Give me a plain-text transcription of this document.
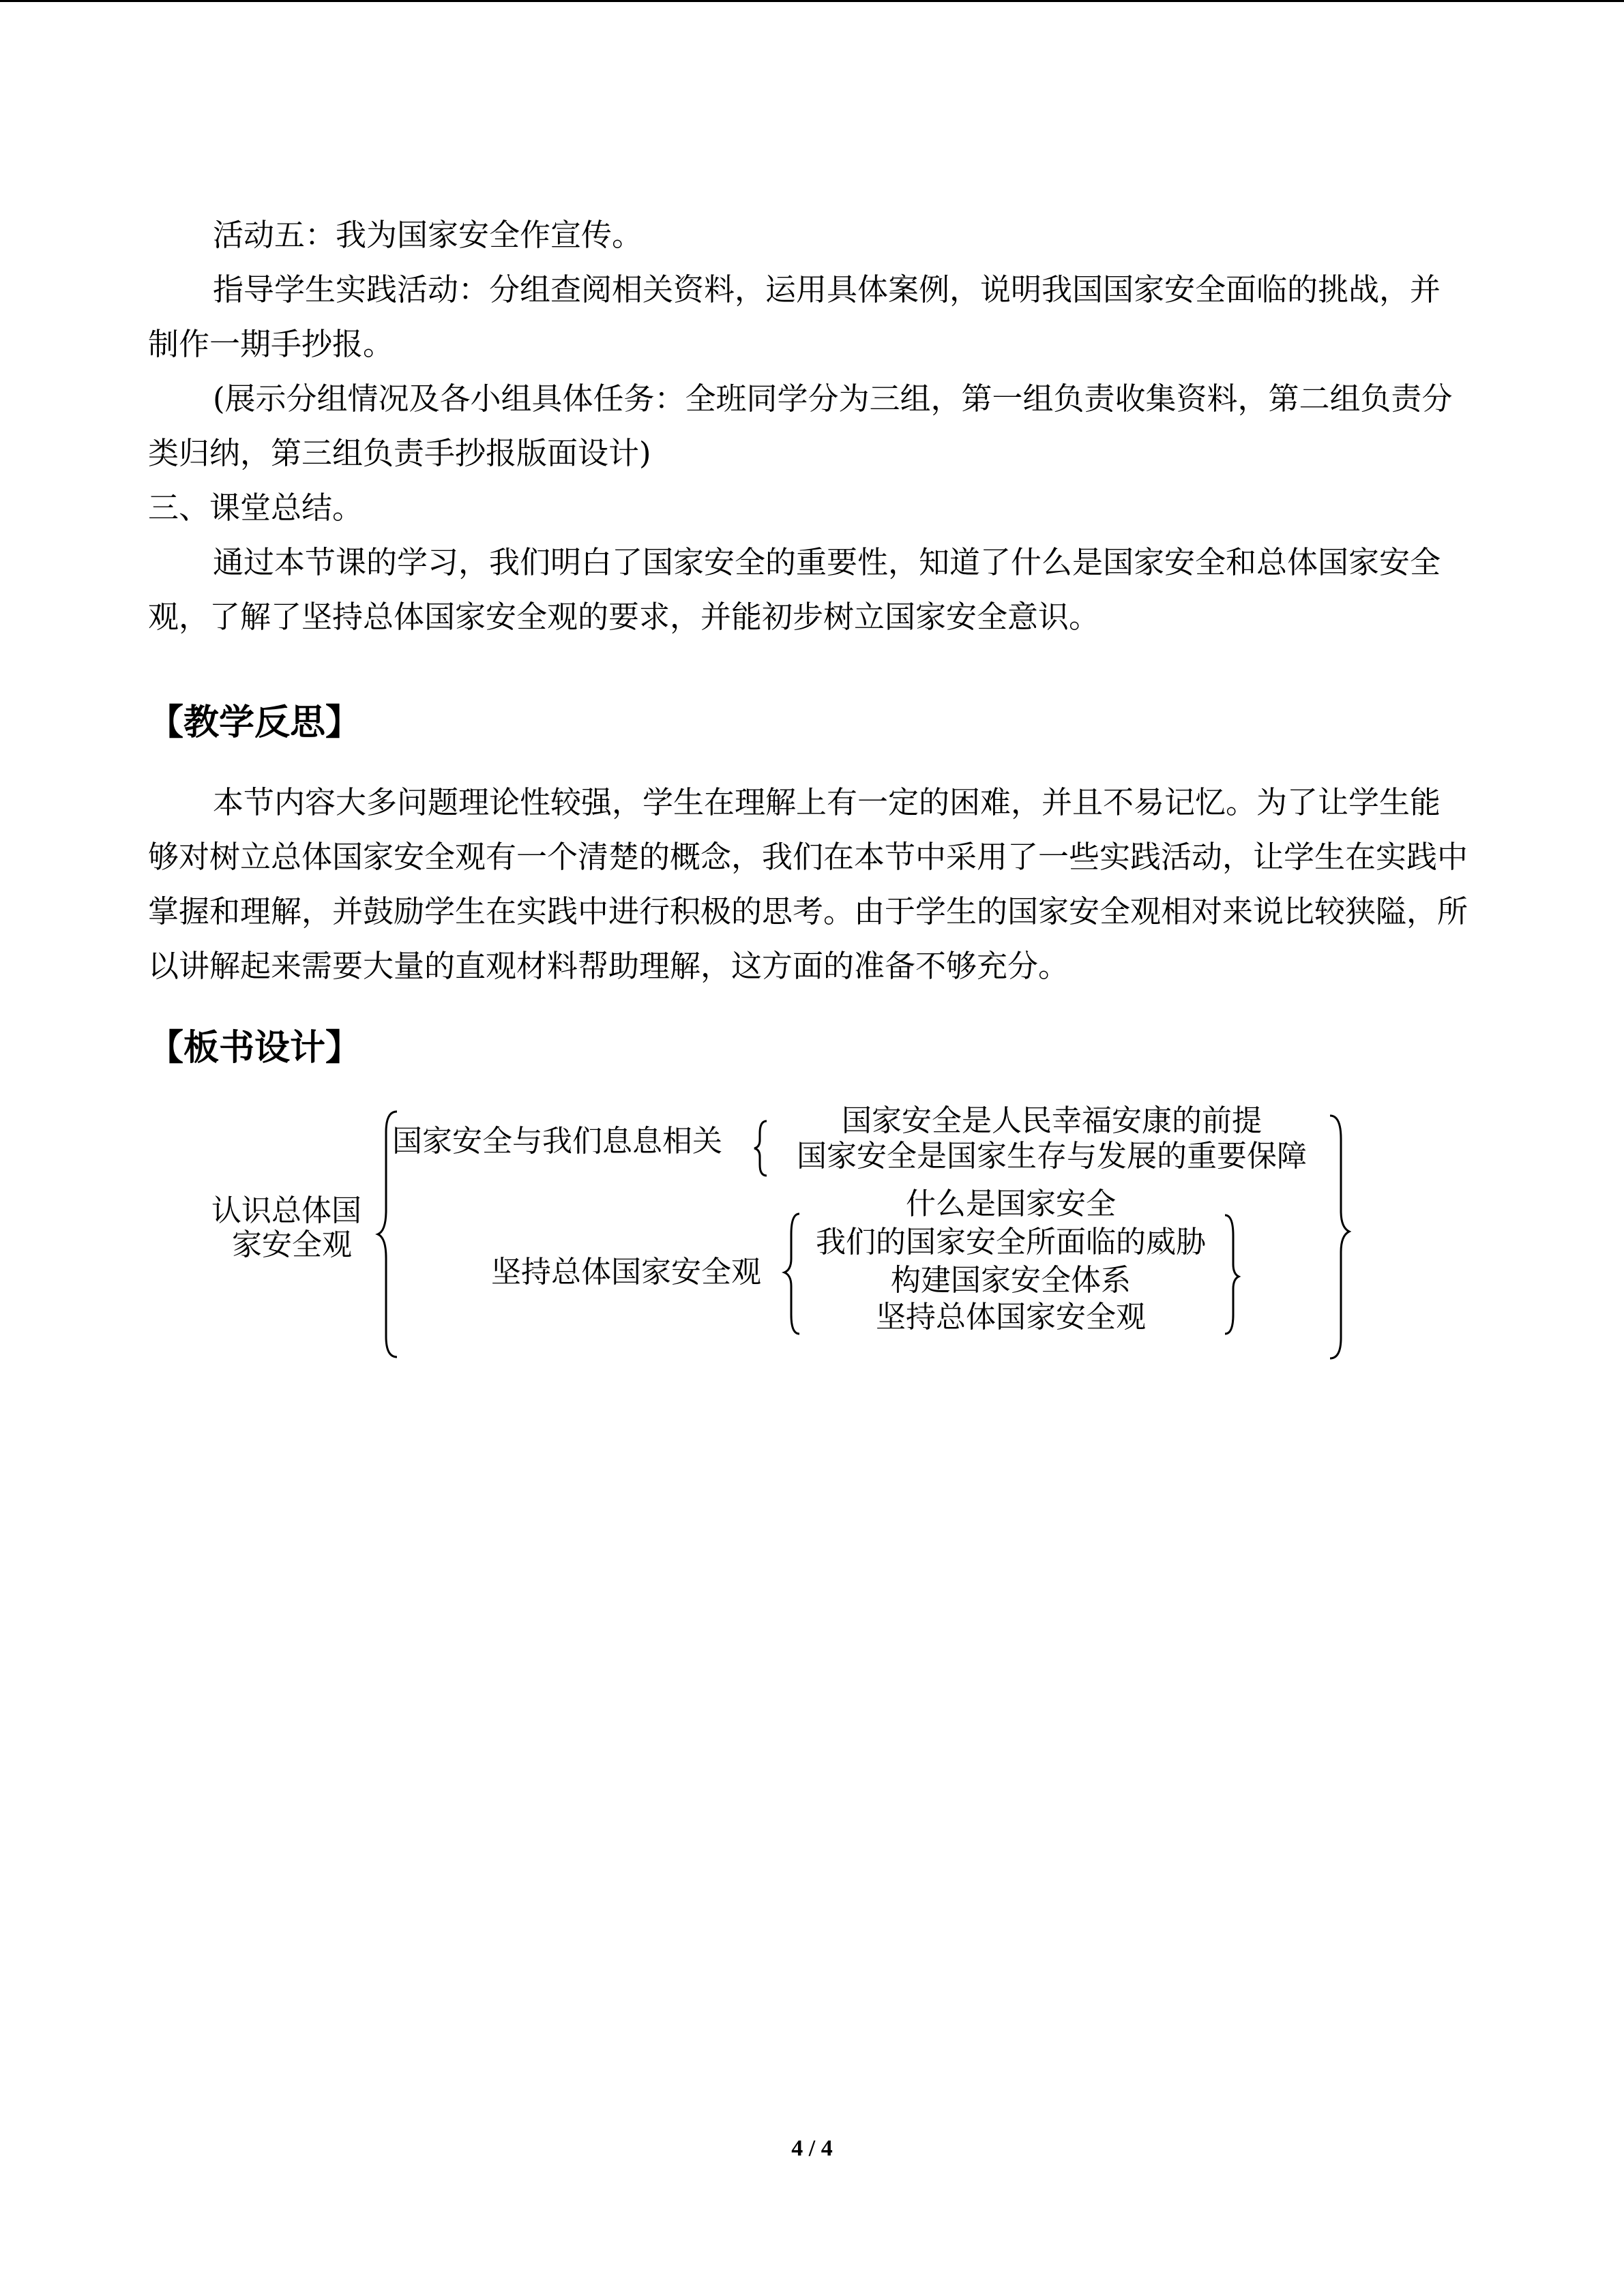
活动五：我为国家安全作宣传。

指导学生实践活动：分组查阅相关资料，运用具体案例，说明我国国家安全面临的挑战，并制作一期手抄报。

(展示分组情况及各小组具体任务：全班同学分为三组，第一组负责收集资料，第二组负责分类归纳，第三组负责手抄报版面设计)

三、课堂总结。

通过本节课的学习，我们明白了国家安全的重要性，知道了什么是国家安全和总体国家安全观，了解了坚持总体国家安全观的要求，并能初步树立国家安全意识。

【教学反思】

本节内容大多问题理论性较强，学生在理解上有一定的困难，并且不易记忆。为了让学生能够对树立总体国家安全观有一个清楚的概念，我们在本节中采用了一些实践活动，让学生在实践中掌握和理解，并鼓励学生在实践中进行积极的思考。由于学生的国家安全观相对来说比较狭隘，所以讲解起来需要大量的直观材料帮助理解，这方面的准备不够充分。

【板书设计】
认识总体国
家安全观
国家安全与我们息息相关
国家安全是人民幸福安康的前提
国家安全是国家生存与发展的重要保障
坚持总体国家安全观
什么是国家安全
我们的国家安全所面临的威胁
构建国家安全体系
坚持总体国家安全观
4 / 4
